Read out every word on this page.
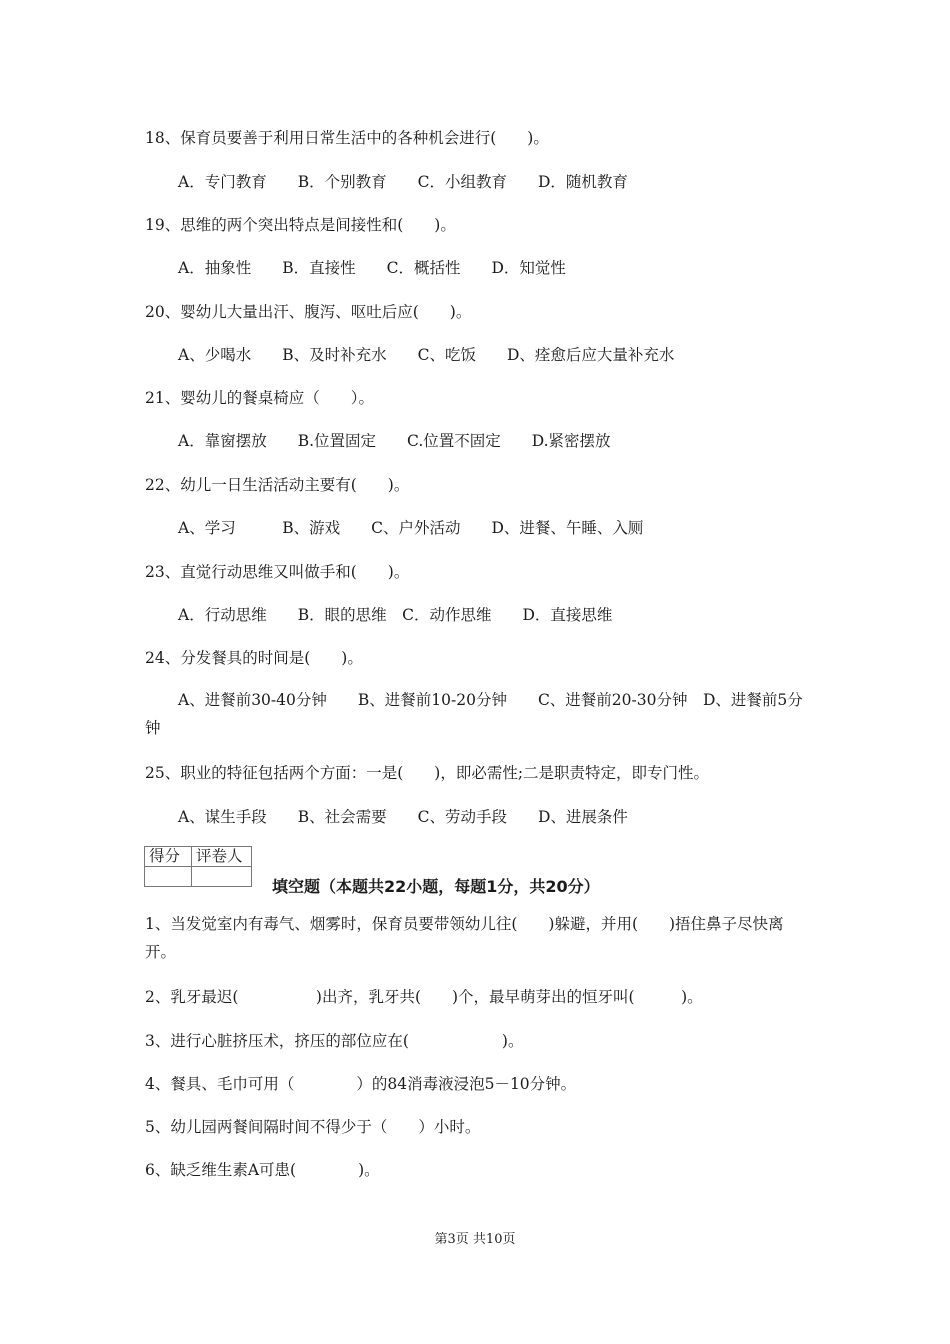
18、保育员要善于利用日常生活中的各种机会进行(　　)。
A．专门教育　　B．个别教育　　C．小组教育　　D．随机教育
19、思维的两个突出特点是间接性和(　　)。
A．抽象性　　B．直接性　　C．概括性　　D．知觉性
20、婴幼儿大量出汗、腹泻、呕吐后应(　　)。
A、少喝水　　B、及时补充水　　C、吃饭　　D、痊愈后应大量补充水
21、婴幼儿的餐桌椅应（　　）。
A．靠窗摆放　　B.位置固定　　C.位置不固定　　D.紧密摆放
22、幼儿一日生活活动主要有(　　)。
A、学习　　　B、游戏　　C、户外活动　　D、进餐、午睡、入厕
23、直觉行动思维又叫做手和(　　)。
A．行动思维　　B．眼的思维　C．动作思维　　D．直接思维
24、分发餐具的时间是(　　)。
A、进餐前30-40分钟　　B、进餐前10-20分钟　　C、进餐前20-30分钟　D、进餐前5分钟
25、职业的特征包括两个方面：一是(　　)，即必需性;二是职责特定，即专门性。
A、谋生手段　　B、社会需要　　C、劳动手段　　D、进展条件
得分	评卷人

填空题（本题共22小题，每题1分，共20分）
1、当发觉室内有毒气、烟雾时，保育员要带领幼儿往(　　)躲避，并用(　　)捂住鼻子尽快离开。
2、乳牙最迟(　　　　　)出齐，乳牙共(　　)个，最早萌芽出的恒牙叫(　　　)。
3、进行心脏挤压术，挤压的部位应在(　　　　　　)。
4、餐具、毛巾可用（　　　　）的84消毒液浸泡5－10分钟。
5、幼儿园两餐间隔时间不得少于（　　）小时。
6、缺乏维生素A可患(　　　　)。
第3页 共10页
